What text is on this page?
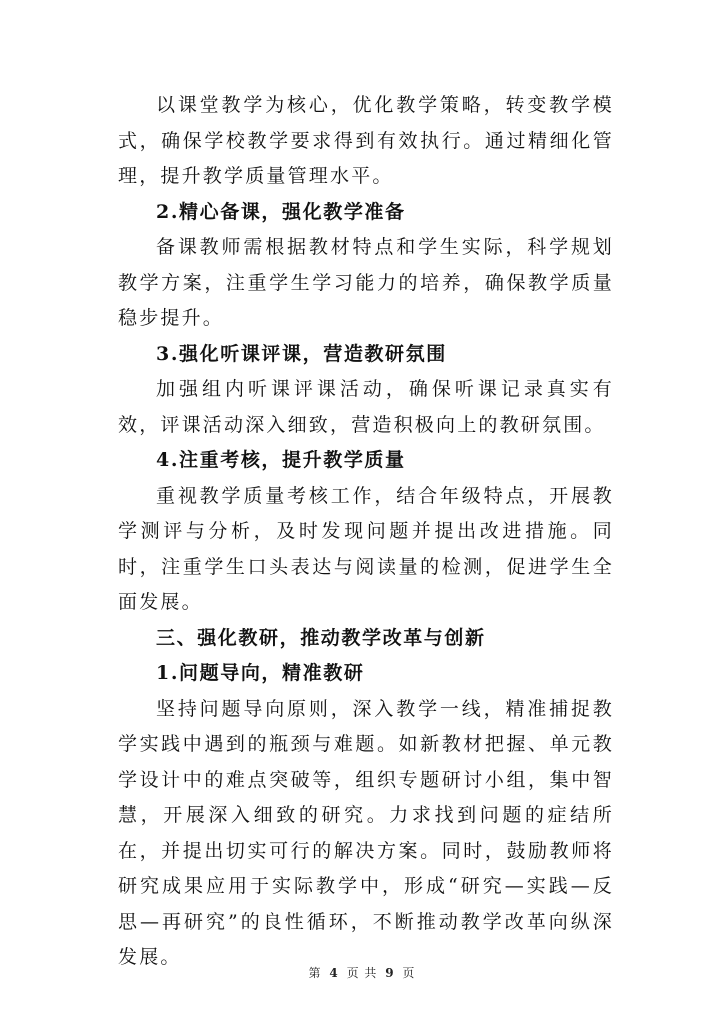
以课堂教学为核心，优化教学策略，转变教学模式，确保学校教学要求得到有效执行。通过精细化管理，提升教学质量管理水平。

2.精心备课，强化教学准备

备课教师需根据教材特点和学生实际，科学规划教学方案，注重学生学习能力的培养，确保教学质量稳步提升。

3.强化听课评课，营造教研氛围

加强组内听课评课活动，确保听课记录真实有效，评课活动深入细致，营造积极向上的教研氛围。

4.注重考核，提升教学质量

重视教学质量考核工作，结合年级特点，开展教学测评与分析，及时发现问题并提出改进措施。同时，注重学生口头表达与阅读量的检测，促进学生全面发展。

三、强化教研，推动教学改革与创新

1.问题导向，精准教研

坚持问题导向原则，深入教学一线，精准捕捉教学实践中遇到的瓶颈与难题。如新教材把握、单元教学设计中的难点突破等，组织专题研讨小组，集中智慧，开展深入细致的研究。力求找到问题的症结所在，并提出切实可行的解决方案。同时，鼓励教师将研究成果应用于实际教学中，形成“研究—实践—反思—再研究”的良性循环，不断推动教学改革向纵深发展。

第 4 页 共 9 页
